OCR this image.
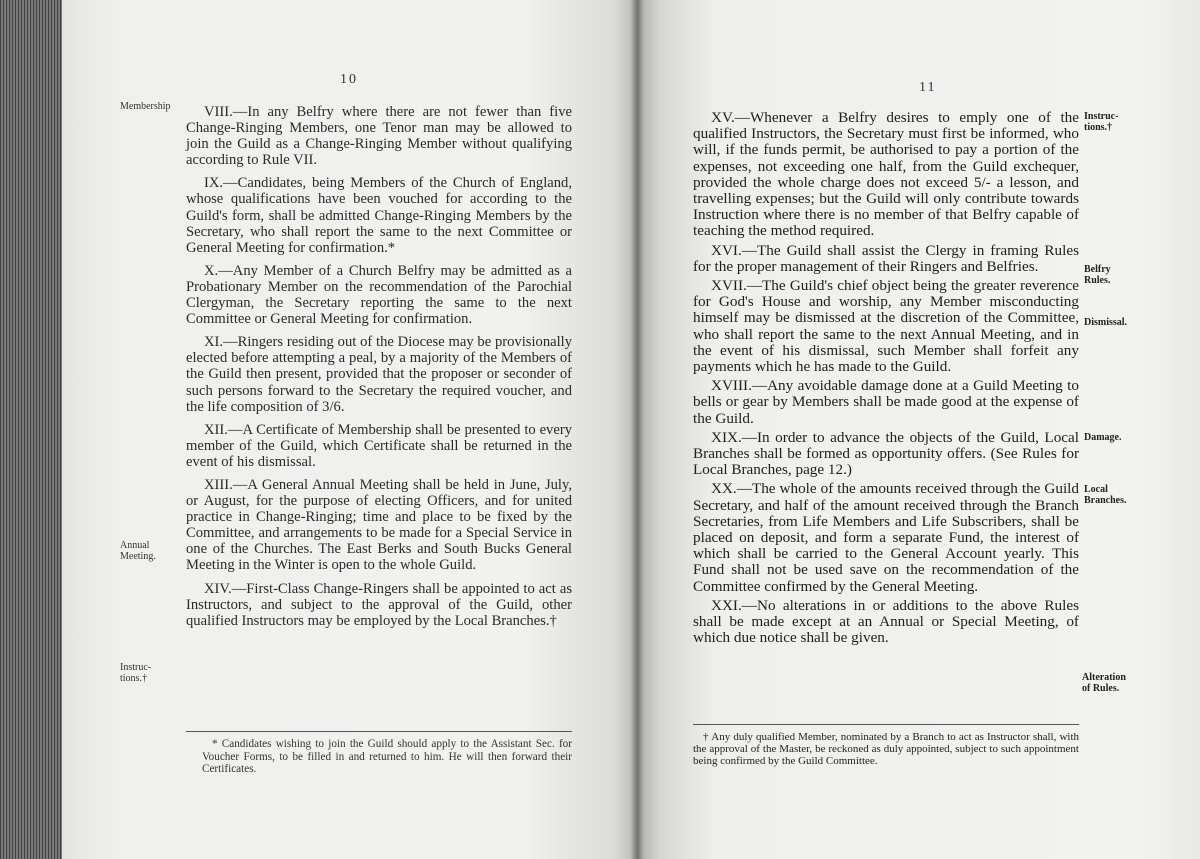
10
Membership
Annual
Meeting.
Instruc-
tions.†

VIII.—In any Belfry where there are not fewer than five Change-Ringing Members, one Tenor man may be allowed to join the Guild as a Change-Ringing Member without qualifying according to Rule VII.

IX.—Candidates, being Members of the Church of England, whose qualifications have been vouched for according to the Guild's form, shall be admitted Change-Ringing Members by the Secretary, who shall report the same to the next Committee or General Meeting for confirmation.*

X.—Any Member of a Church Belfry may be admitted as a Probationary Member on the recommendation of the Parochial Clergyman, the Secretary reporting the same to the next Committee or General Meeting for confirmation.

XI.—Ringers residing out of the Diocese may be provisionally elected before attempting a peal, by a majority of the Members of the Guild then present, provided that the proposer or seconder of such persons forward to the Secretary the required voucher, and the life composition of 3/6.

XII.—A Certificate of Membership shall be presented to every member of the Guild, which Certificate shall be returned in the event of his dismissal.

XIII.—A General Annual Meeting shall be held in June, July, or August, for the purpose of electing Officers, and for united practice in Change-Ringing; time and place to be fixed by the Committee, and arrangements to be made for a Special Service in one of the Churches. The East Berks and South Bucks General Meeting in the Winter is open to the whole Guild.

XIV.—First-Class Change-Ringers shall be appointed to act as Instructors, and subject to the approval of the Guild, other qualified Instructors may be employed by the Local Branches.†

* Candidates wishing to join the Guild should apply to the Assistant Sec. for Voucher Forms, to be filled in and returned to him. He will then forward their Certificates.
11

XV.—Whenever a Belfry desires to emply one of the qualified Instructors, the Secretary must first be informed, who will, if the funds permit, be authorised to pay a portion of the expenses, not exceeding one half, from the Guild exchequer, provided the whole charge does not exceed 5/- a lesson, and travelling expenses; but the Guild will only contribute towards Instruction where there is no member of that Belfry capable of teaching the method required.

XVI.—The Guild shall assist the Clergy in framing Rules for the proper management of their Ringers and Belfries.

XVII.—The Guild's chief object being the greater reverence for God's House and worship, any Member misconducting himself may be dismissed at the discretion of the Committee, who shall report the same to the next Annual Meeting, and in the event of his dismissal, such Member shall forfeit any payments which he has made to the Guild.

XVIII.—Any avoidable damage done at a Guild Meeting to bells or gear by Members shall be made good at the expense of the Guild.

XIX.—In order to advance the objects of the Guild, Local Branches shall be formed as opportunity offers. (See Rules for Local Branches, page 12.)

XX.—The whole of the amounts received through the Guild Secretary, and half of the amount received through the Branch Secretaries, from Life Members and Life Subscribers, shall be placed on deposit, and form a separate Fund, the interest of which shall be carried to the General Account yearly. This Fund shall not be used save on the recommendation of the Committee confirmed by the General Meeting.

XXI.—No alterations in or additions to the above Rules shall be made except at an Annual or Special Meeting, of which due notice shall be given.

Instruc-
tions.†
Belfry
Rules.
Dismissal.
Damage.
Local
Branches.
Alteration
of Rules.
† Any duly qualified Member, nominated by a Branch to act as Instructor shall, with the approval of the Master, be reckoned as duly appointed, subject to such appointment being confirmed by the Guild Committee.
